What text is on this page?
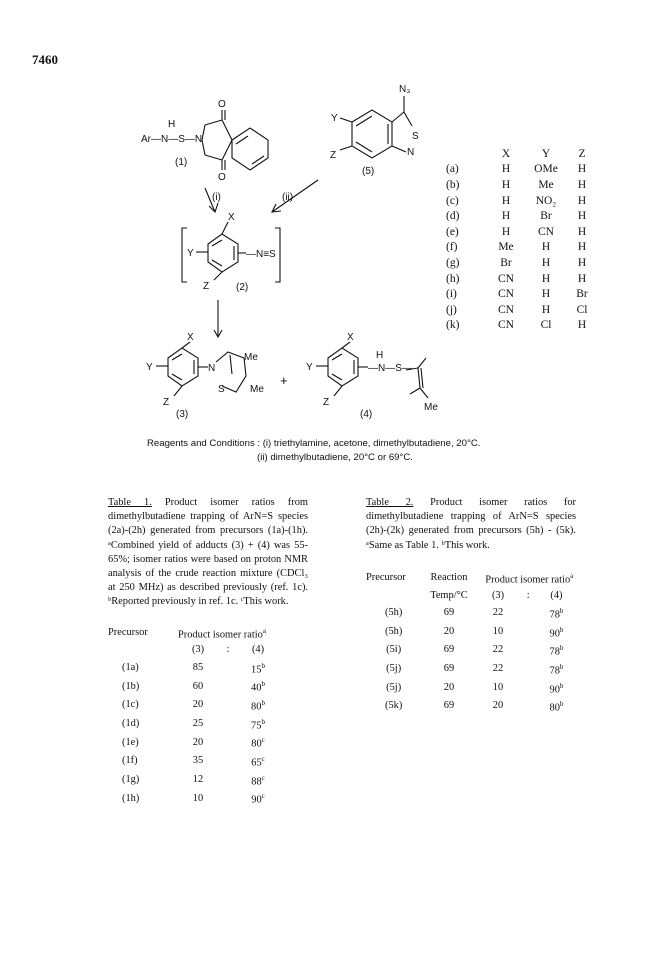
7460
O
O
H
Ar—N—S—N
(1)
N₃
Y
Z
S
N
(5)
(i)	(ii)
X
Y
Z
—N≡S
(2)
X
Y
Z
N
S
Me
Me
(3)
+
X
Y
Z
H
—N—S—
Me
(4)
	X	Y	Z
(a)	H	OMe	H
(b)	H	Me	H
(c)	H	NO₂	H
(d)	H	Br	H
(e)	H	CN	H
(f)	Me	H	H
(g)	Br	H	H
(h)	CN	H	H
(i)	CN	H	Br
(j)	CN	H	Cl
(k)	CN	Cl	H
Reagents and Conditions : (i) triethylamine, acetone, dimethylbutadiene, 20°C.
(ii) dimethylbutadiene, 20°C or 69°C.
Table 1. Product isomer ratios from dimethylbutadiene trapping of ArN=S species (2a)-(2h) generated from precursors (1a)-(1h). ᵃCombined yield of adducts (3) + (4) was 55-65%; isomer ratios were based on proton NMR analysis of the crude reaction mixture (CDCl₃ at 250 MHz) as described previously (ref. 1c). ᵇReported previously in ref. 1c. ᶜThis work.
Precursor	Product isomer ratio$^a$
	(3)	:	(4)
(1a)	85		15$^b$
(1b)	60		40$^b$
(1c)	20		80$^b$
(1d)	25		75$^b$
(1e)	20		80$^c$
(1f)	35		65$^c$
(1g)	12		88$^c$
(1h)	10		90$^c$
Table 2. Product isomer ratios for dimethylbutadiene trapping of ArN=S species (2h)-(2k) generated from precursors (5h) - (5k). ᵃSame as Table 1. ᵇThis work.
Precursor	Reaction	Product isomer ratio$^a$
	Temp/°C	(3)	:	(4)
(5h)	69	22		78$^b$
(5h)	20	10		90$^b$
(5i)	69	22		78$^b$
(5j)	69	22		78$^b$
(5j)	20	10		90$^b$
(5k)	69	20		80$^b$
